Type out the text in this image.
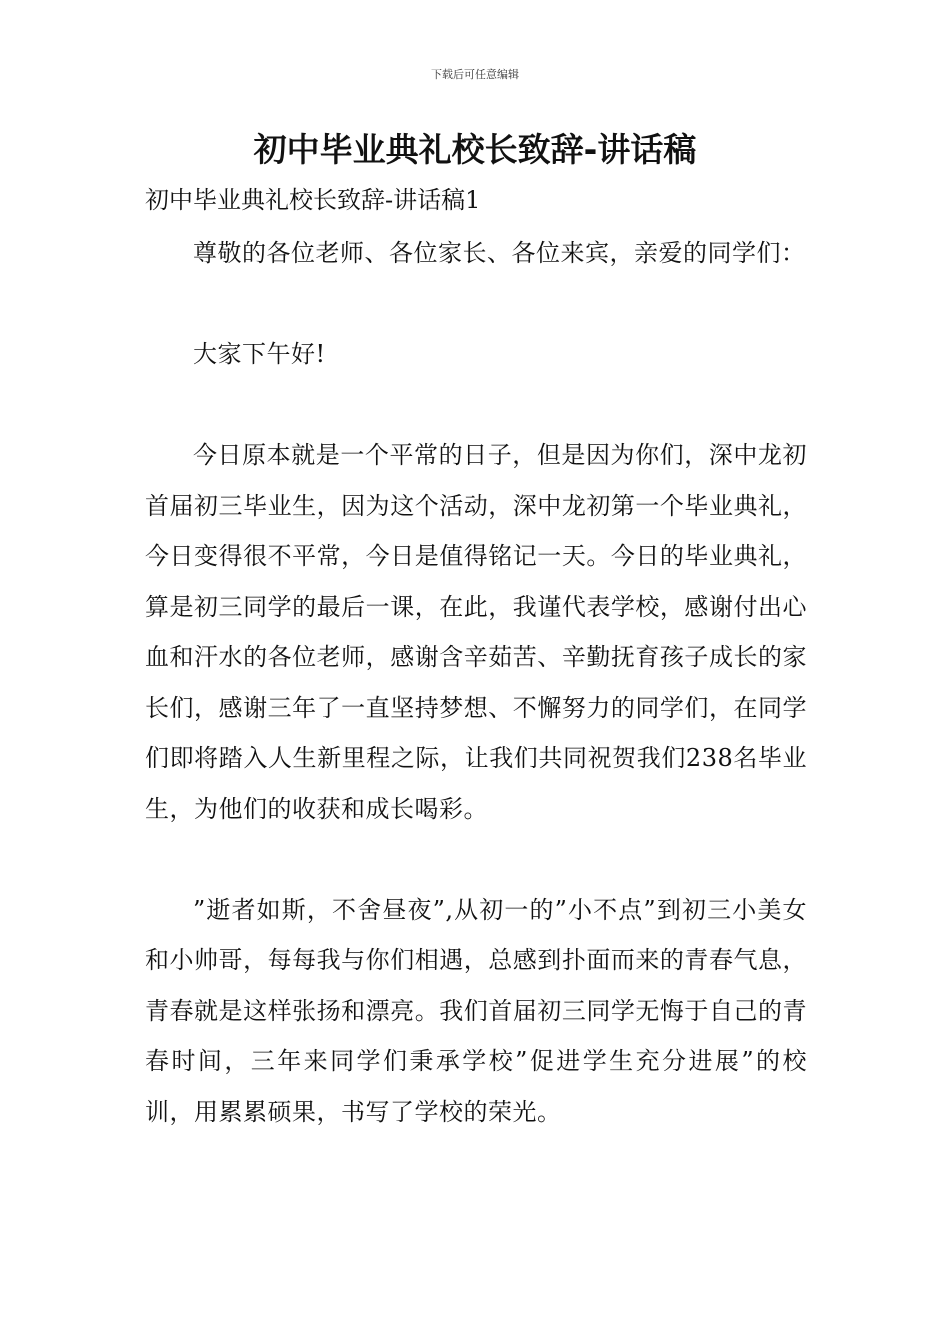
下载后可任意编辑
初中毕业典礼校长致辞-讲话稿

初中毕业典礼校长致辞-讲话稿1

尊敬的各位老师、各位家长、各位来宾，亲爱的同学们：

大家下午好!

今日原本就是一个平常的日子，但是因为你们，深中龙初首届初三毕业生，因为这个活动，深中龙初第一个毕业典礼，今日变得很不平常，今日是值得铭记一天。今日的毕业典礼，算是初三同学的最后一课，在此，我谨代表学校，感谢付出心血和汗水的各位老师，感谢含辛茹苦、辛勤抚育孩子成长的家长们，感谢三年了一直坚持梦想、不懈努力的同学们，在同学们即将踏入人生新里程之际，让我们共同祝贺我们238名毕业生，为他们的收获和成长喝彩。

”逝者如斯，不舍昼夜”,从初一的”小不点”到初三小美女和小帅哥，每每我与你们相遇，总感到扑面而来的青春气息，青春就是这样张扬和漂亮。我们首届初三同学无悔于自己的青春时间，三年来同学们秉承学校”促进学生充分进展”的校训，用累累硕果，书写了学校的荣光。
